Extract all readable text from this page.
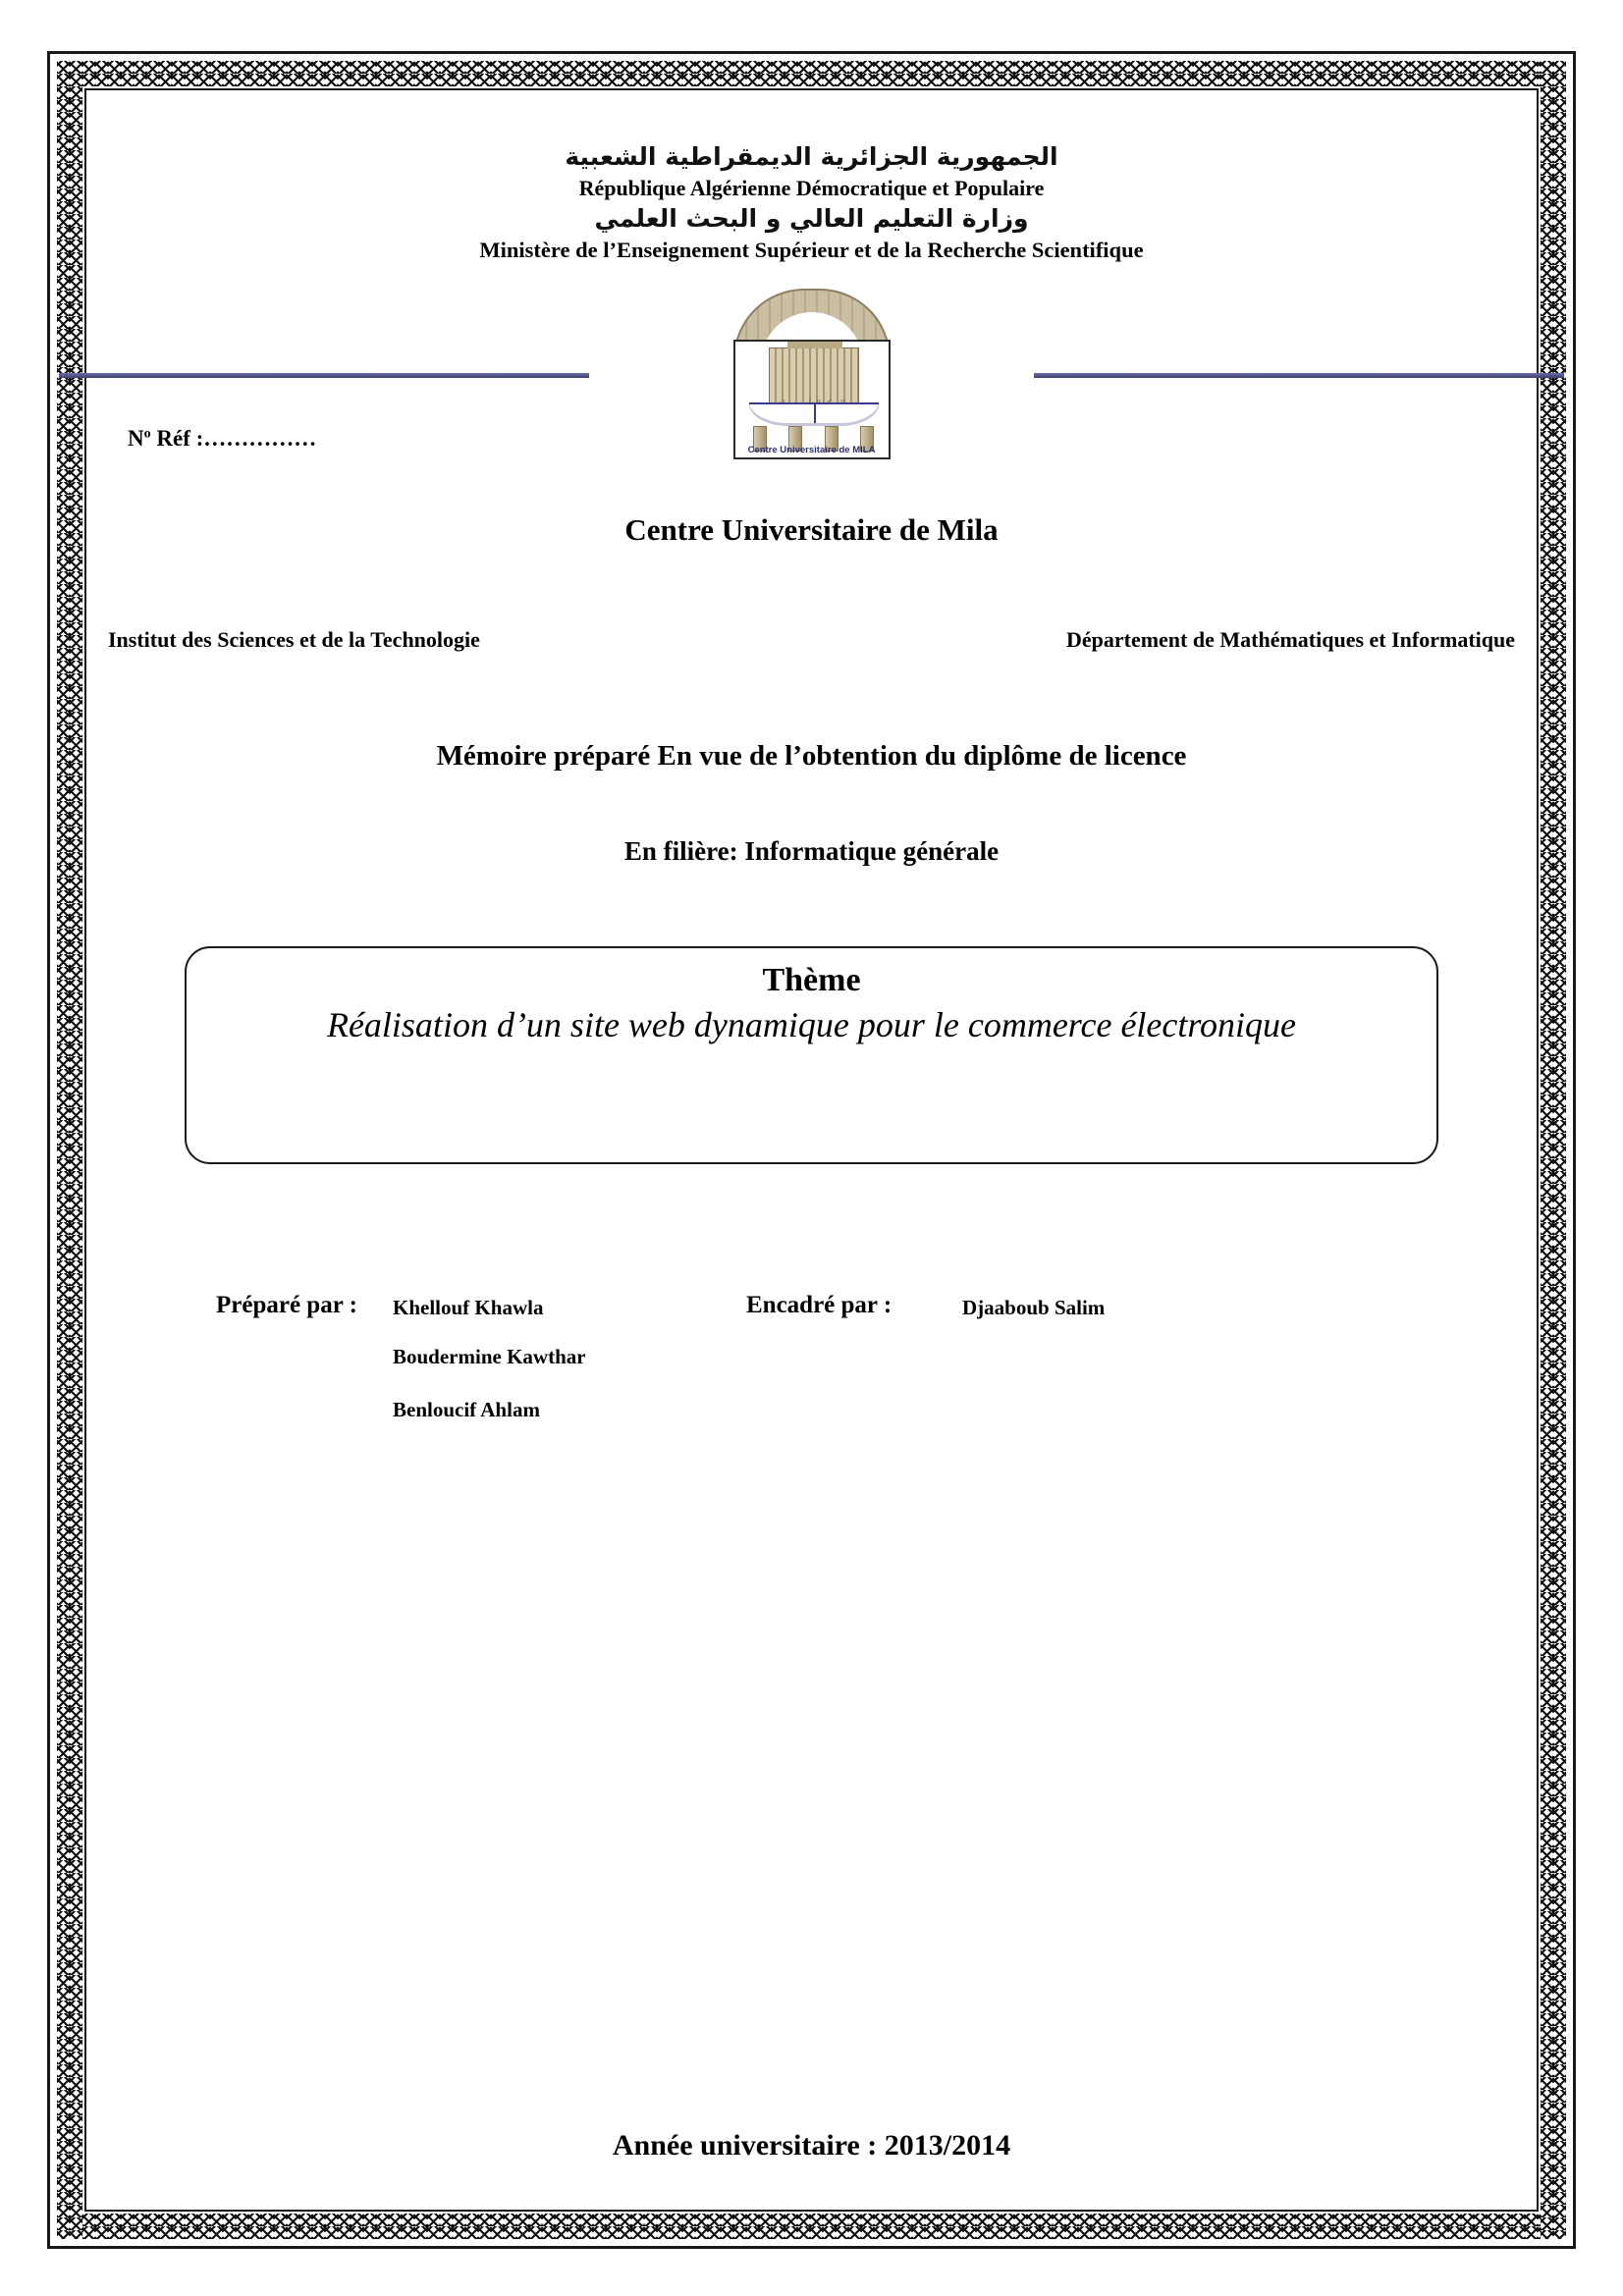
الجمهورية الجزائرية الديمقراطية الشعبية
République Algérienne Démocratique et Populaire
وزارة التعليم العالي و البحث العلمي
Ministère de l’Enseignement Supérieur et de la Recherche Scientifique
Centre Universitaire de MILA
$N^o$ Réf :……………
Centre Universitaire de Mila
Institut des Sciences et de la Technologie	Département de Mathématiques et Informatique
Mémoire préparé En vue de l’obtention du diplôme de licence
En filière: Informatique générale
Thème
Réalisation d’un site web dynamique pour le commerce électronique
Préparé par : Khellouf Khawla	Encadré par :	Djaaboub Salim
Boudermine Kawthar
Benloucif Ahlam
Année universitaire : 2013/2014
